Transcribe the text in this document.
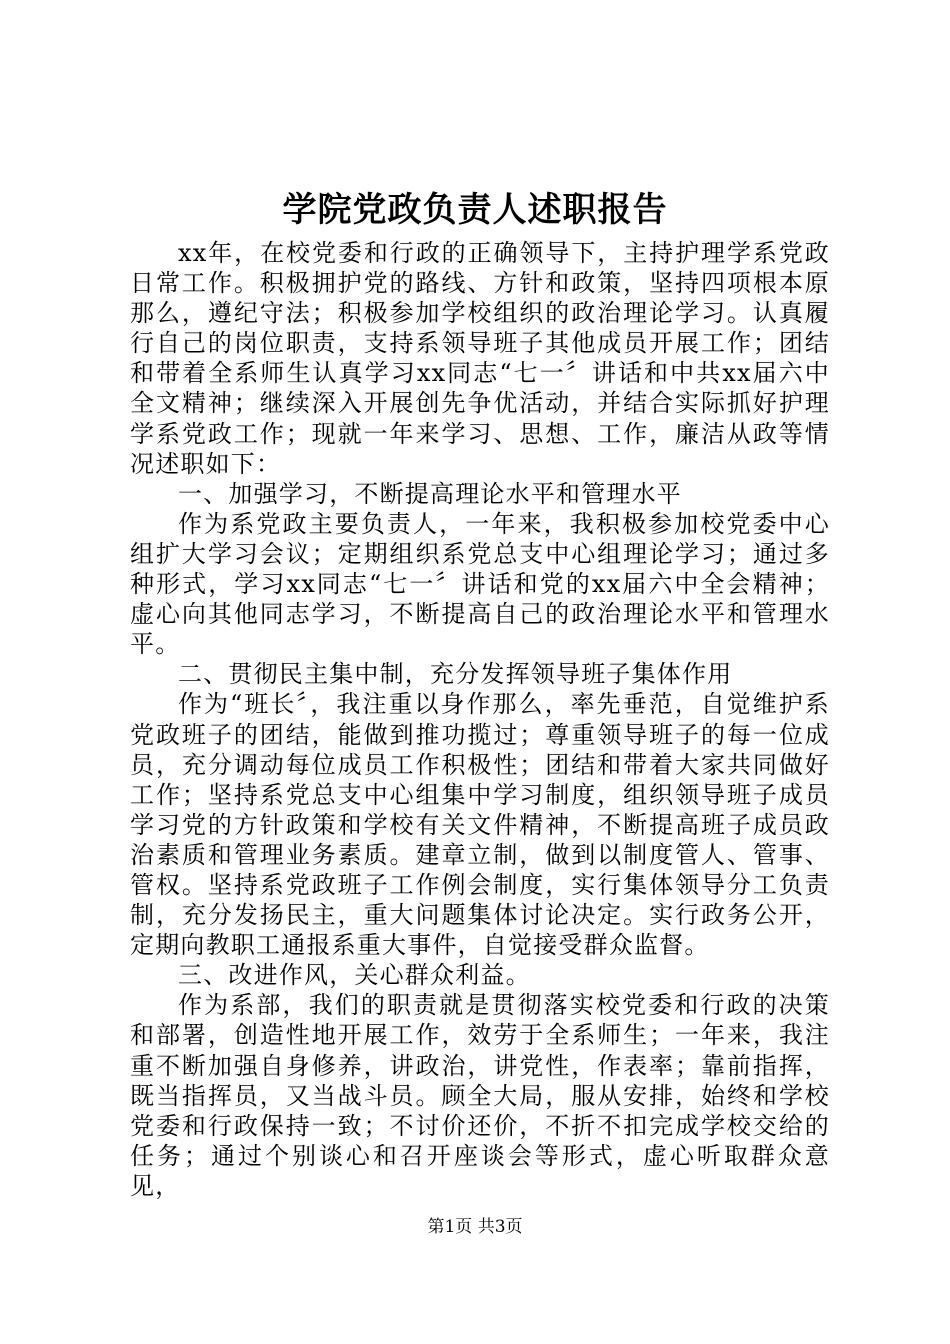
学院党政负责人述职报告

xx年，在校党委和行政的正确领导下，主持护理学系党政日常工作。积极拥护党的路线、方针和政策，坚持四项根本原那么，遵纪守法；积极参加学校组织的政治理论学习。认真履行自己的岗位职责，支持系领导班子其他成员开展工作；团结和带着全系师生认真学习xx同志“七一〞讲话和中共xx届六中全文精神；继续深入开展创先争优活动，并结合实际抓好护理学系党政工作；现就一年来学习、思想、工作，廉洁从政等情况述职如下：

一、加强学习，不断提高理论水平和管理水平

作为系党政主要负责人，一年来，我积极参加校党委中心组扩大学习会议；定期组织系党总支中心组理论学习；通过多种形式，学习xx同志“七一〞讲话和党的xx届六中全会精神；虚心向其他同志学习，不断提高自己的政治理论水平和管理水平。

二、贯彻民主集中制，充分发挥领导班子集体作用

作为“班长〞，我注重以身作那么，率先垂范，自觉维护系党政班子的团结，能做到推功揽过；尊重领导班子的每一位成员，充分调动每位成员工作积极性；团结和带着大家共同做好工作；坚持系党总支中心组集中学习制度，组织领导班子成员学习党的方针政策和学校有关文件精神，不断提高班子成员政治素质和管理业务素质。建章立制，做到以制度管人、管事、管权。坚持系党政班子工作例会制度，实行集体领导分工负责制，充分发扬民主，重大问题集体讨论决定。实行政务公开，定期向教职工通报系重大事件，自觉接受群众监督。

三、改进作风，关心群众利益。

作为系部，我们的职责就是贯彻落实校党委和行政的决策和部署，创造性地开展工作，效劳于全系师生；一年来，我注重不断加强自身修养，讲政治，讲党性，作表率；靠前指挥，既当指挥员，又当战斗员。顾全大局，服从安排，始终和学校党委和行政保持一致；不讨价还价，不折不扣完成学校交给的任务；通过个别谈心和召开座谈会等形式，虚心听取群众意见，

第1页 共3页
